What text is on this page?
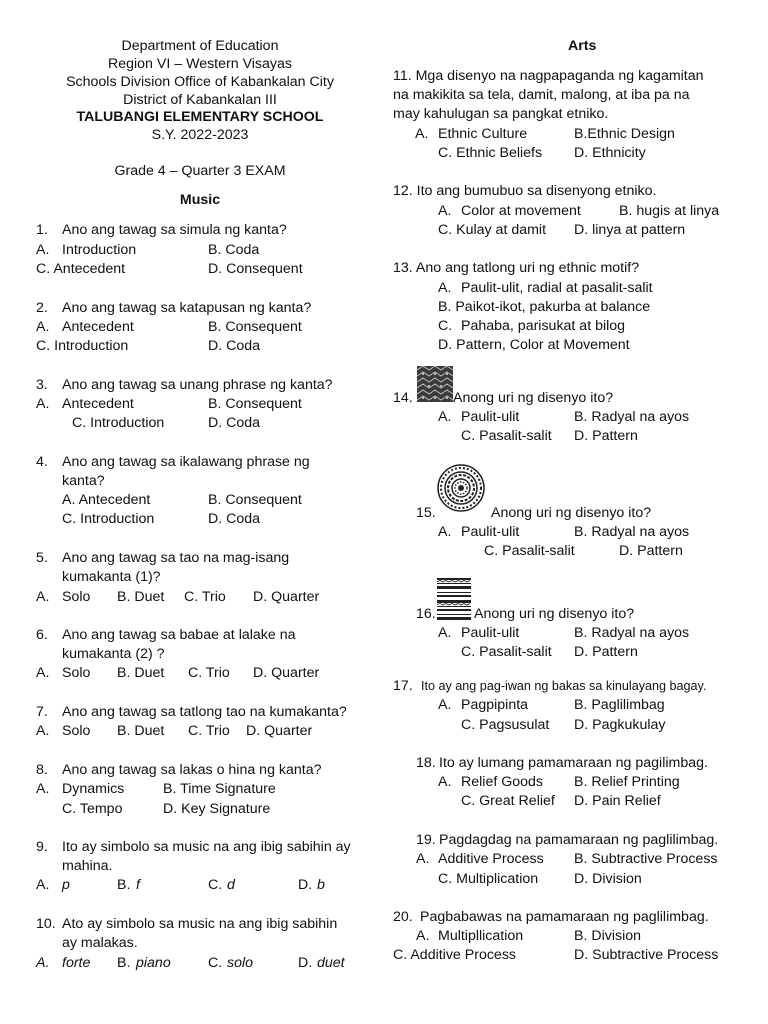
Department of Education
Region VI – Western Visayas
Schools Division Office of Kabankalan City
District of Kabankalan III
TALUBANGI ELEMENTARY SCHOOL
S.Y. 2022-2023
Grade 4 – Quarter 3 EXAM
Music
1. Ano ang tawag sa simula ng kanta?
A. Introduction	B. Coda
C. Antecedent	D. Consequent
2. Ano ang tawag sa katapusan ng kanta?
A. Antecedent	B. Consequent
C. Introduction	D. Coda
3. Ano ang tawag sa unang phrase ng kanta?
A. Antecedent	B. Consequent
C. Introduction	D. Coda
4. Ano ang tawag sa ikalawang phrase ng
kanta?
A. Antecedent	B. Consequent
C. Introduction	D. Coda
5. Ano ang tawag sa tao na mag-isang
kumakanta (1)?
A. Solo B. Duet C. Trio D. Quarter
6. Ano ang tawag sa babae at lalake na
kumakanta (2) ?
A. Solo B. Duet C. Trio D. Quarter
7. Ano ang tawag sa tatlong tao na kumakanta?
A. Solo B. Duet C. Trio D. Quarter
8. Ano ang tawag sa lakas o hina ng kanta?
A. Dynamics	B. Time Signature
C. Tempo	D. Key Signature
9. Ito ay simbolo sa music na ang ibig sabihin ay
mahina.
A. p	B. f	C. d	D. b
10. Ato ay simbolo sa music na ang ibig sabihin
ay malakas.
A. forte B. piano	C. solo	D. duet
Arts
11. Mga disenyo na nagpapaganda ng kagamitan
na makikita sa tela, damit, malong, at iba pa na
may kahulugan sa pangkat etniko.
A. Ethnic Culture	B.Ethnic Design
C. Ethnic Beliefs D. Ethnicity
12. Ito ang bumubuo sa disenyong etniko.
A. Color at movement	B. hugis at linya
C. Kulay at damit D. linya at pattern
13. Ano ang tatlong uri ng ethnic motif?
A. Paulit-ulit, radial at pasalit-salit
B. Paikot-ikot, pakurba at balance
C. Pahaba, parisukat at bilog
D. Pattern, Color at Movement
14.	Anong uri ng disenyo ito?
A. Paulit-ulit	B. Radyal na ayos
C. Pasalit-salit D. Pattern
15.	Anong uri ng disenyo ito?
A. Paulit-ulit	B. Radyal na ayos
C. Pasalit-salit	D. Pattern
16.	Anong uri ng disenyo ito?
A. Paulit-ulit	B. Radyal na ayos
C. Pasalit-salit D. Pattern
17. Ito ay ang pag-iwan ng bakas sa kinulayang bagay.
A. Pagpipinta	B. Paglilimbag
C. Pagsusulat D. Pagkukulay
18. Ito ay lumang pamamaraan ng pagilimbag.
A. Relief Goods B. Relief Printing
C. Great Relief D. Pain Relief
19. Pagdagdag na pamamaraan ng paglilimbag.
A. Additive Process B. Subtractive Process
C. Multiplication	D. Division
20. Pagbabawas na pamamaraan ng paglilimbag.
A. Multipllication	B. Division
C. Additive Process	D. Subtractive Process
